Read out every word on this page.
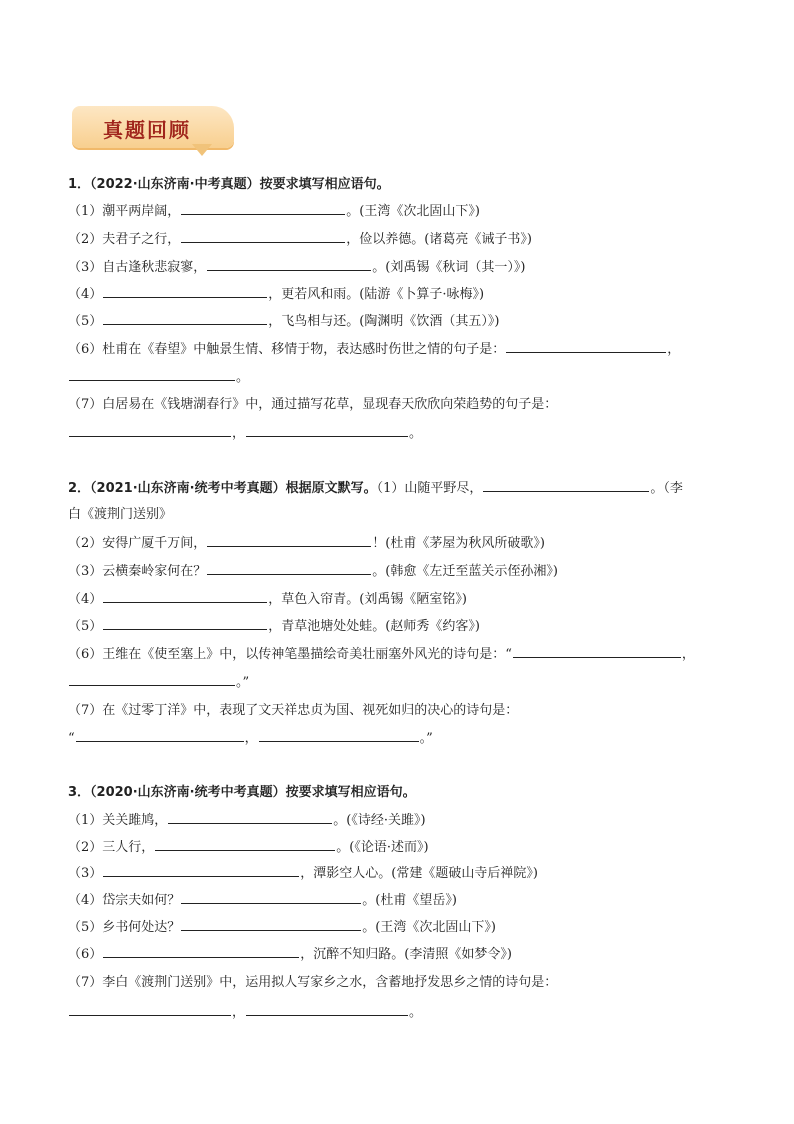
真题回顾
1．（2022·山东济南·中考真题）按要求填写相应语句。
（1）潮平两岸阔，	。(王湾《次北固山下》)
（2）夫君子之行，	，俭以养德。(诸葛亮《诫子书》)
（3）自古逢秋悲寂寥，	。(刘禹锡《秋词（其一）》)
（4）	，更若风和雨。(陆游《卜算子·咏梅》)
（5）	，飞鸟相与还。(陶渊明《饮酒（其五）》)
（6）杜甫在《春望》中触景生情、移情于物，表达感时伤世之情的句子是：	，
。
（7）白居易在《钱塘湖春行》中，通过描写花草，显现春天欣欣向荣趋势的句子是：
，	。
2．（2021·山东济南·统考中考真题）根据原文默写。（1）山随平野尽，	。（李
白《渡荆门送别》
（2）安得广厦千万间，	！(杜甫《茅屋为秋风所破歌》)
（3）云横秦岭家何在？	。(韩愈《左迁至蓝关示侄孙湘》)
（4）	，草色入帘青。(刘禹锡《陋室铭》)
（5）	，青草池塘处处蛙。(赵师秀《约客》)
（6）王维在《使至塞上》中，以传神笔墨描绘奇美壮丽塞外风光的诗句是：“	，
。”
（7）在《过零丁洋》中，表现了文天祥忠贞为国、视死如归的决心的诗句是：
“	，	。”
3．（2020·山东济南·统考中考真题）按要求填写相应语句。
（1）关关雎鸠，	。(《诗经·关雎》)
（2）三人行，	。(《论语·述而》)
（3）	，潭影空人心。(常建《题破山寺后禅院》)
（4）岱宗夫如何？	。(杜甫《望岳》)
（5）乡书何处达？	。(王湾《次北固山下》)
（6）	，沉醉不知归路。(李清照《如梦令》)
（7）李白《渡荆门送别》中，运用拟人写家乡之水，含蓄地抒发思乡之情的诗句是：
，	。
